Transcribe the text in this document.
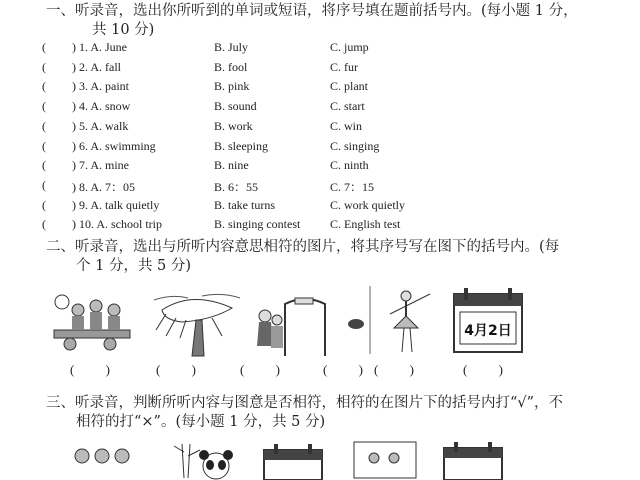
一、听录音，选出你所听到的单词或短语，将序号填在题前括号内。(每小题 1 分，
共 10 分)
( ) 1. A. June	B. July	C. jump
( ) 2. A. fall	B. fool	C. fur
( ) 3. A. paint	B. pink	C. plant
( ) 4. A. snow	B. sound	C. start
( ) 5. A. walk	B. work	C. win
( ) 6. A. swimming	B. sleeping	C. singing
( ) 7. A. mine	B. nine	C. ninth
( ) 8. A. 7：05	B. 6：55	C. 7：15
( ) 9. A. talk quietly	B. take turns	C. work quietly
( ) 10. A. school trip	B. singing contest C. English test
二、听录音，选出与所听内容意思相符的图片，将其序号写在图下的括号内。(每
个 1 分，共 5 分)
4月2日
( ) ( ) ( ) ( )
( )	( )
三、听录音，判断所听内容与图意是否相符，相符的在图片下的括号内打“√”，不
相符的打“×”。(每小题 1 分，共 5 分)
